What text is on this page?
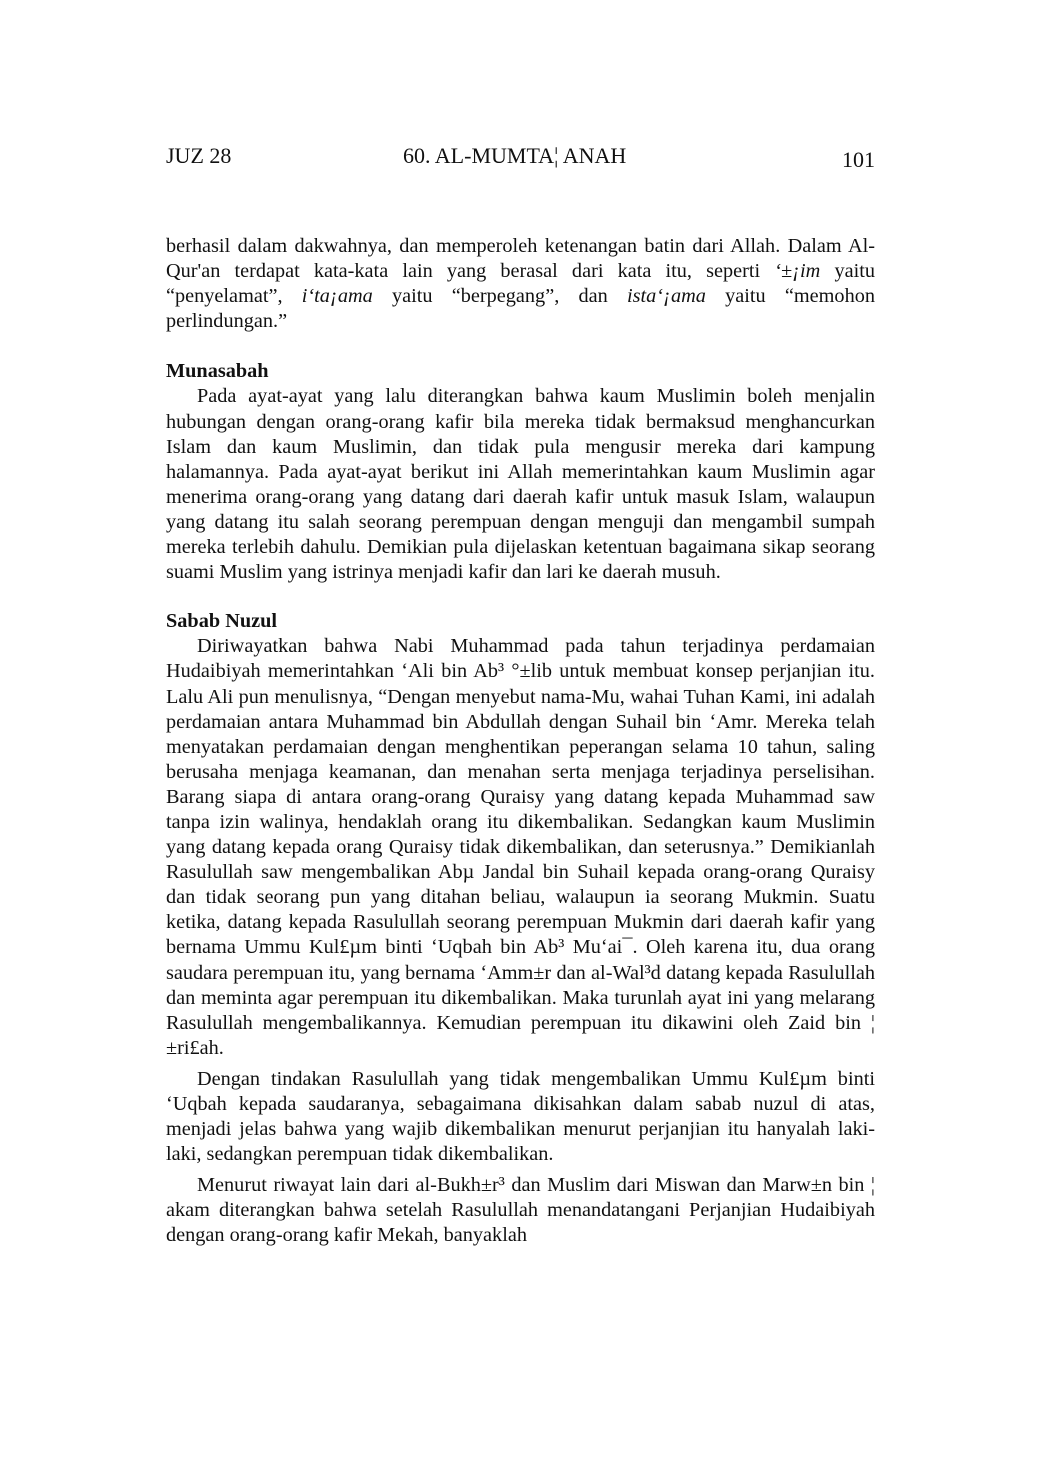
JUZ 28	60. AL-MUMTA¦ ANAH	101

berhasil dalam dakwahnya, dan memperoleh ketenangan batin dari Allah. Dalam Al-Qur'an terdapat kata-kata lain yang berasal dari kata itu, seperti ‘±¡im yaitu “penyelamat”, i‘ta¡ama yaitu “berpegang”, dan ista‘¡ama yaitu “memohon perlindungan.”

Munasabah

Pada ayat-ayat yang lalu diterangkan bahwa kaum Muslimin boleh menjalin hubungan dengan orang-orang kafir bila mereka tidak bermaksud menghancurkan Islam dan kaum Muslimin, dan tidak pula mengusir mereka dari kampung halamannya. Pada ayat-ayat berikut ini Allah memerintahkan kaum Muslimin agar menerima orang-orang yang datang dari daerah kafir untuk masuk Islam, walaupun yang datang itu salah seorang perempuan dengan menguji dan mengambil sumpah mereka terlebih dahulu. Demikian pula dijelaskan ketentuan bagaimana sikap seorang suami Muslim yang istrinya menjadi kafir dan lari ke daerah musuh.

Sabab Nuzul

Diriwayatkan bahwa Nabi Muhammad pada tahun terjadinya perdamaian Hudaibiyah memerintahkan ‘Ali bin Ab³ °±lib untuk membuat konsep perjanjian itu. Lalu Ali pun menulisnya, “Dengan menyebut nama-Mu, wahai Tuhan Kami, ini adalah perdamaian antara Muhammad bin Abdullah dengan Suhail bin ‘Amr. Mereka telah menyatakan perdamaian dengan menghentikan peperangan selama 10 tahun, saling berusaha menjaga keamanan, dan menahan serta menjaga terjadinya perselisihan. Barang siapa di antara orang-orang Quraisy yang datang kepada Muhammad saw tanpa izin walinya, hendaklah orang itu dikembalikan. Sedangkan kaum Muslimin yang datang kepada orang Quraisy tidak dikembalikan, dan seterusnya.” Demikianlah Rasulullah saw mengembalikan Abµ Jandal bin Suhail kepada orang-orang Quraisy dan tidak seorang pun yang ditahan beliau, walaupun ia seorang Mukmin. Suatu ketika, datang kepada Rasulullah seorang perempuan Mukmin dari daerah kafir yang bernama Ummu Kul£µm binti ‘Uqbah bin Ab³ Mu‘ai¯. Oleh karena itu, dua orang saudara perempuan itu, yang bernama ‘Amm±r dan al-Wal³d datang kepada Rasulullah dan meminta agar perempuan itu dikembalikan. Maka turunlah ayat ini yang melarang Rasulullah mengembalikannya. Kemudian perempuan itu dikawini oleh Zaid bin ¦ ±ri£ah.

Dengan tindakan Rasulullah yang tidak mengembalikan Ummu Kul£µm binti ‘Uqbah kepada saudaranya, sebagaimana dikisahkan dalam sabab nuzul di atas, menjadi jelas bahwa yang wajib dikembalikan menurut perjanjian itu hanyalah laki-laki, sedangkan perempuan tidak dikembalikan.

Menurut riwayat lain dari al-Bukh±r³ dan Muslim dari Miswan dan Marw±n bin ¦ akam diterangkan bahwa setelah Rasulullah menandatangani Perjanjian Hudaibiyah dengan orang-orang kafir Mekah, banyaklah
